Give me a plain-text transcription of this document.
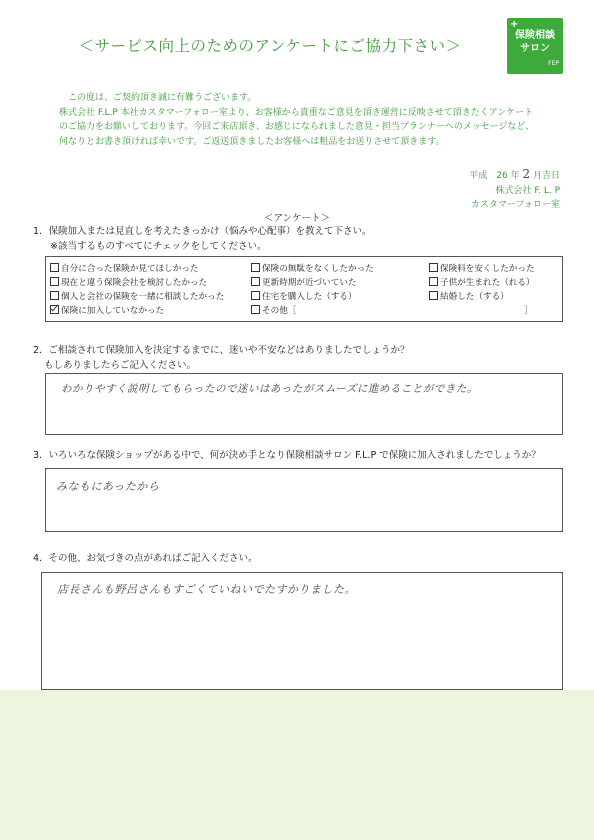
＜サービス向上のためのアンケートにご協力下さい＞
+
保険相談
サロン
FEP
この度は、ご契約頂き誠に有難うございます。
株式会社 F.L.P 本社カスタマーフォロー室より、お客様から貴重なご意見を頂き運営に反映させて頂きたくアンケート
のご協力をお願いしております。今回ご来店頂き、お感じになられました意見・担当プランナーへのメッセージなど、
何なりとお書き頂ければ幸いです。ご返送頂きましたお客様へは粗品をお送りさせて頂きます。
平成　26 年 2 月吉日
株式会社 F. L. P
カスタマーフォロー室
＜アンケート＞
1．保険加入または見直しを考えたきっかけ（悩みや心配事）を教えて下さい。
※該当するものすべてにチェックをしてください。
自分に合った保険か見てほしかった	保険の無駄をなくしたかった	保険料を安くしたかった
現在と違う保険会社を検討したかった	更新時期が近づいていた	子供が生まれた（れる）
個人と会社の保険を一緒に相談したかった	住宅を購入した（する）	結婚した（する）
保険に加入していなかった	その他［	］
2．ご相談されて保険加入を決定するまでに、迷いや不安などはありましたでしょうか？
もしありましたらご記入ください。
わかりやすく説明してもらったので迷いはあったがスムーズに進めることができた。
3．いろいろな保険ショップがある中で、何が決め手となり保険相談サロン F.L.P で保険に加入されましたでしょうか？
みなもにあったから
4．その他、お気づきの点があればご記入ください。
店長さんも野呂さんもすごくていねいでたすかりました。
